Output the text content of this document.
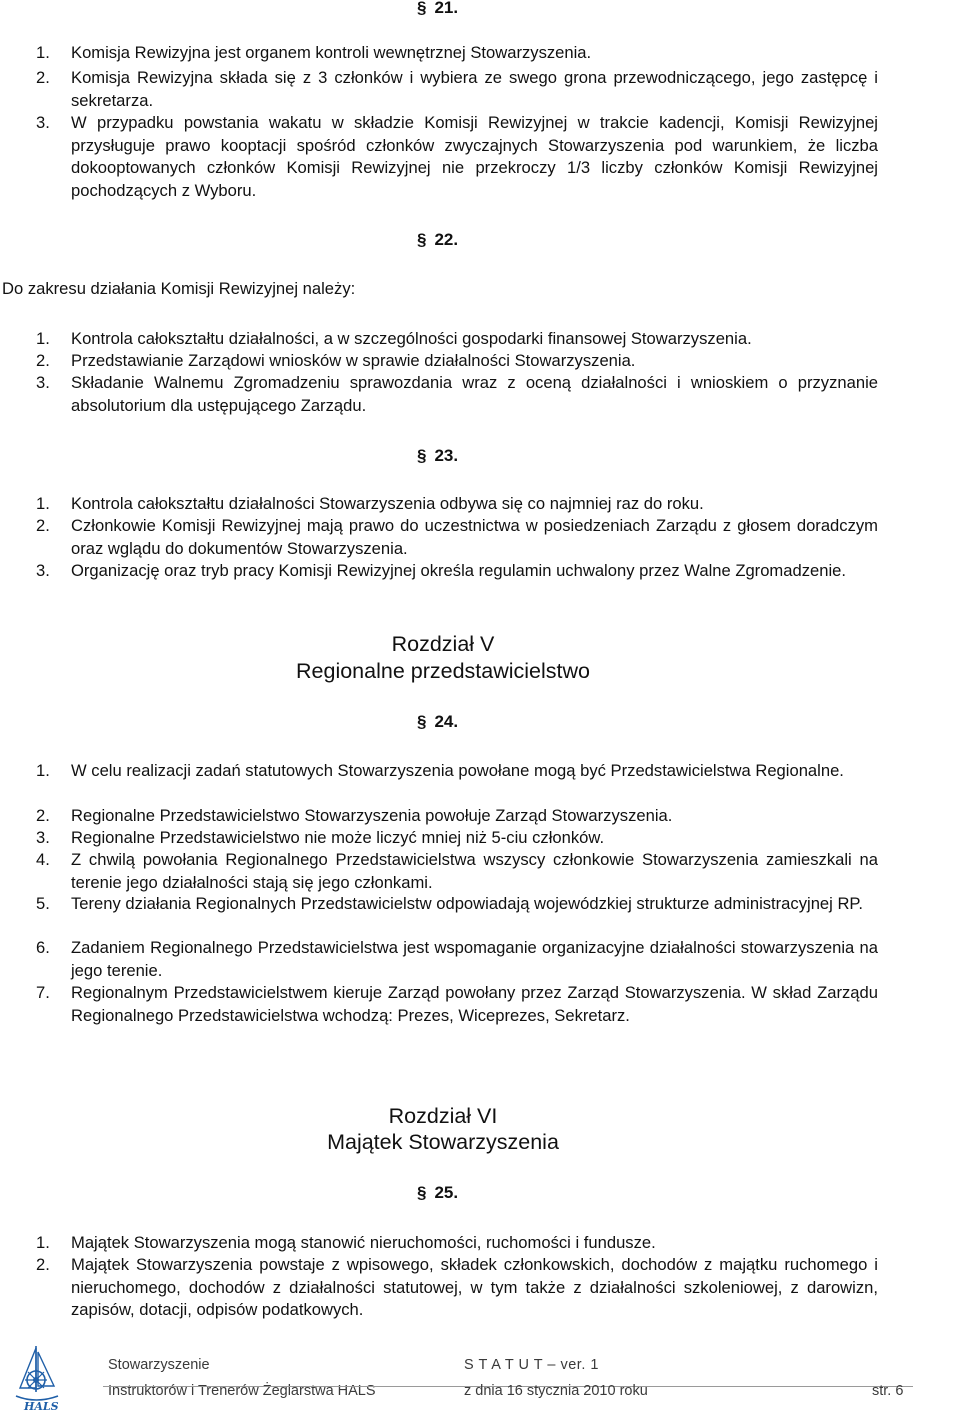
§ 21.
1. Komisja Rewizyjna jest organem kontroli wewnętrznej Stowarzyszenia.
2. Komisja Rewizyjna składa się z 3 członków i wybiera ze swego grona przewodniczącego, jego zastępcę i sekretarza.
3. W przypadku powstania wakatu w składzie Komisji Rewizyjnej w trakcie kadencji, Komisji Rewizyjnej przysługuje prawo kooptacji spośród członków zwyczajnych Stowarzyszenia pod warunkiem, że liczba dokooptowanych członków Komisji Rewizyjnej nie przekroczy 1/3 liczby członków Komisji Rewizyjnej pochodzących z Wyboru.
§ 22.
Do zakresu działania Komisji Rewizyjnej należy:
1. Kontrola całokształtu działalności, a w szczególności gospodarki finansowej Stowarzyszenia.
2. Przedstawianie Zarządowi wniosków w sprawie działalności Stowarzyszenia.
3. Składanie Walnemu Zgromadzeniu sprawozdania wraz z oceną działalności i wnioskiem o przyznanie absolutorium dla ustępującego Zarządu.
§ 23.
1. Kontrola całokształtu działalności Stowarzyszenia odbywa się co najmniej raz do roku.
2. Członkowie Komisji Rewizyjnej mają prawo do uczestnictwa w posiedzeniach Zarządu z głosem doradczym oraz wglądu do dokumentów Stowarzyszenia.
3. Organizację oraz tryb pracy Komisji Rewizyjnej określa regulamin uchwalony przez Walne Zgromadzenie.
Rozdział V
Regionalne przedstawicielstwo
§ 24.
1. W celu realizacji zadań statutowych Stowarzyszenia powołane mogą być Przedstawicielstwa Regionalne.
2. Regionalne Przedstawicielstwo Stowarzyszenia powołuje Zarząd Stowarzyszenia.
3. Regionalne Przedstawicielstwo nie może liczyć mniej niż 5-ciu członków.
4. Z chwilą powołania Regionalnego Przedstawicielstwa wszyscy członkowie Stowarzyszenia zamieszkali na terenie jego działalności stają się jego członkami.
5. Tereny działania Regionalnych Przedstawicielstw odpowiadają wojewódzkiej strukturze administracyjnej RP.
6. Zadaniem Regionalnego Przedstawicielstwa jest wspomaganie organizacyjne działalności stowarzyszenia na jego terenie.
7. Regionalnym Przedstawicielstwem kieruje Zarząd powołany przez Zarząd Stowarzyszenia. W skład Zarządu Regionalnego Przedstawicielstwa wchodzą: Prezes, Wiceprezes, Sekretarz.
Rozdział VI
Majątek Stowarzyszenia
§ 25.
1. Majątek Stowarzyszenia mogą stanowić nieruchomości, ruchomości i fundusze.
2. Majątek Stowarzyszenia powstaje z wpisowego, składek członkowskich, dochodów z majątku ruchomego i nieruchomego, dochodów z działalności statutowej, w tym także z działalności szkoleniowej, z darowizn, zapisów, dotacji, odpisów podatkowych.
HALS
Stowarzyszenie
Instruktorów i Trenerów Żeglarstwa HALS
S T A T U T – ver. 1
z dnia 16 stycznia 2010 roku	str. 6
